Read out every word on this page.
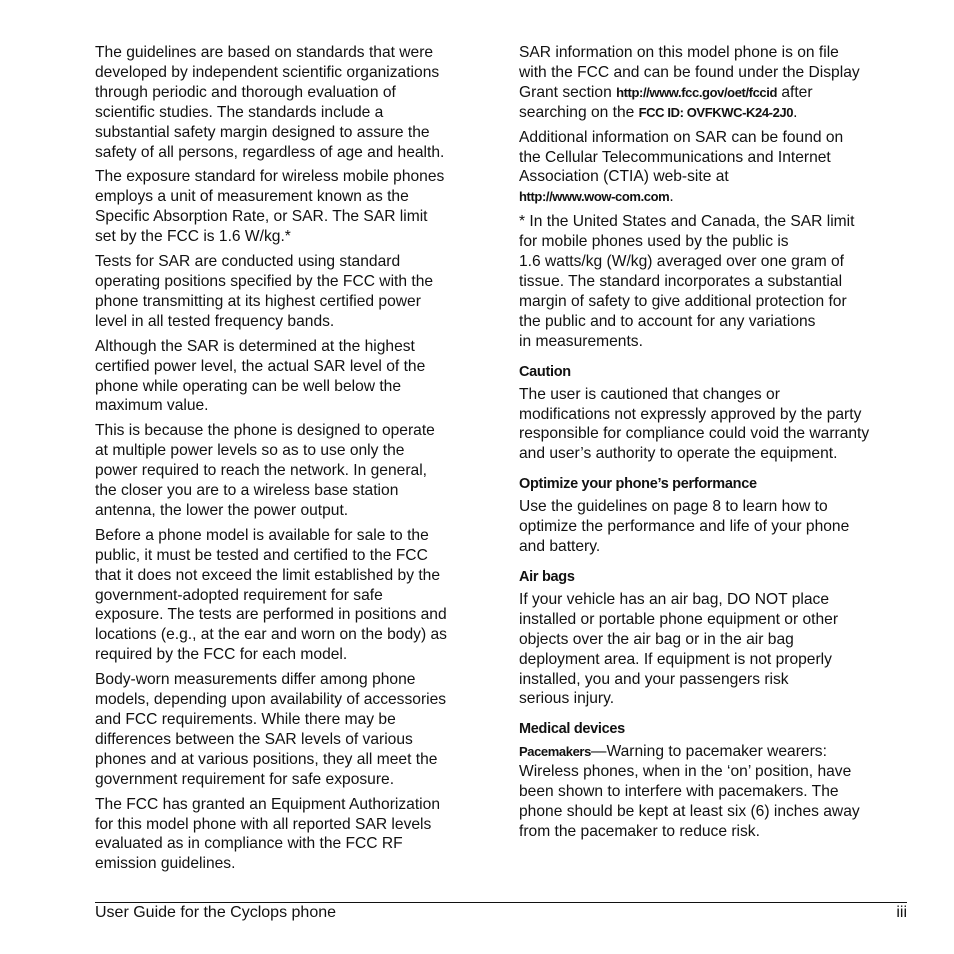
The guidelines are based on standards that were
developed by independent scientific organizations
through periodic and thorough evaluation of
scientific studies. The standards include a
substantial safety margin designed to assure the
safety of all persons, regardless of age and health.

The exposure standard for wireless mobile phones
employs a unit of measurement known as the
Specific Absorption Rate, or SAR. The SAR limit
set by the FCC is 1.6 W/kg.*

Tests for SAR are conducted using standard
operating positions specified by the FCC with the
phone transmitting at its highest certified power
level in all tested frequency bands.

Although the SAR is determined at the highest
certified power level, the actual SAR level of the
phone while operating can be well below the
maximum value.

This is because the phone is designed to operate
at multiple power levels so as to use only the
power required to reach the network. In general,
the closer you are to a wireless base station
antenna, the lower the power output.

Before a phone model is available for sale to the
public, it must be tested and certified to the FCC
that it does not exceed the limit established by the
government-adopted requirement for safe
exposure. The tests are performed in positions and
locations (e.g., at the ear and worn on the body) as
required by the FCC for each model.

Body-worn measurements differ among phone
models, depending upon availability of accessories
and FCC requirements. While there may be
differences between the SAR levels of various
phones and at various positions, they all meet the
government requirement for safe exposure.

The FCC has granted an Equipment Authorization
for this model phone with all reported SAR levels
evaluated as in compliance with the FCC RF
emission guidelines.

SAR information on this model phone is on file
with the FCC and can be found under the Display
Grant section http://www.fcc.gov/oet/fccid after
searching on the FCC ID: OVFKWC-K24-2J0.

Additional information on SAR can be found on
the Cellular Telecommunications and Internet
Association (CTIA) web-site at
http://www.wow-com.com.

* In the United States and Canada, the SAR limit
for mobile phones used by the public is
1.6 watts/kg (W/kg) averaged over one gram of
tissue. The standard incorporates a substantial
margin of safety to give additional protection for
the public and to account for any variations
in measurements.

Caution

The user is cautioned that changes or
modifications not expressly approved by the party
responsible for compliance could void the warranty
and user’s authority to operate the equipment.

Optimize your phone’s performance

Use the guidelines on page 8 to learn how to
optimize the performance and life of your phone
and battery.

Air bags

If your vehicle has an air bag, DO NOT place
installed or portable phone equipment or other
objects over the air bag or in the air bag
deployment area. If equipment is not properly
installed, you and your passengers risk
serious injury.

Medical devices

Pacemakers—Warning to pacemaker wearers:
Wireless phones, when in the ‘on’ position, have
been shown to interfere with pacemakers. The
phone should be kept at least six (6) inches away
from the pacemaker to reduce risk.

User Guide for the Cyclops phone	iii
